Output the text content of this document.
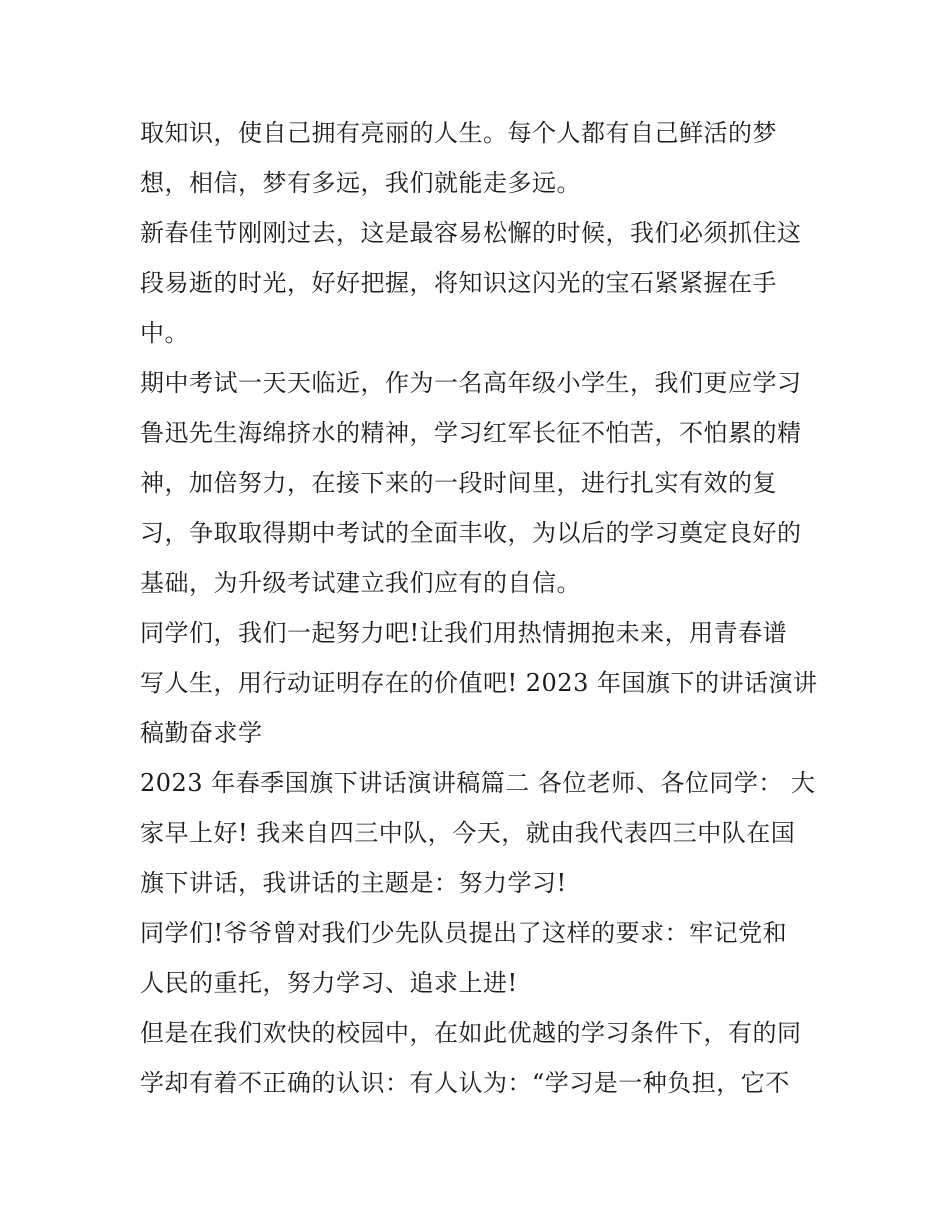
取知识，使自己拥有亮丽的人生。每个人都有自己鲜活的梦
想，相信，梦有多远，我们就能走多远。
新春佳节刚刚过去，这是最容易松懈的时候，我们必须抓住这
段易逝的时光，好好把握，将知识这闪光的宝石紧紧握在手
中。
期中考试一天天临近，作为一名高年级小学生，我们更应学习
鲁迅先生海绵挤水的精神，学习红军长征不怕苦，不怕累的精
神，加倍努力，在接下来的一段时间里，进行扎实有效的复
习，争取取得期中考试的全面丰收，为以后的学习奠定良好的
基础，为升级考试建立我们应有的自信。
同学们，我们一起努力吧!让我们用热情拥抱未来，用青春谱
写人生，用行动证明存在的价值吧! 2023 年国旗下的讲话演讲
稿勤奋求学
2023 年春季国旗下讲话演讲稿篇二 各位老师、各位同学： 大
家早上好! 我来自四三中队，今天，就由我代表四三中队在国
旗下讲话，我讲话的主题是：努力学习!
同学们!爷爷曾对我们少先队员提出了这样的要求：牢记党和
人民的重托，努力学习、追求上进!
但是在我们欢快的校园中，在如此优越的学习条件下，有的同
学却有着不正确的认识：有人认为：“学习是一种负担，它不
